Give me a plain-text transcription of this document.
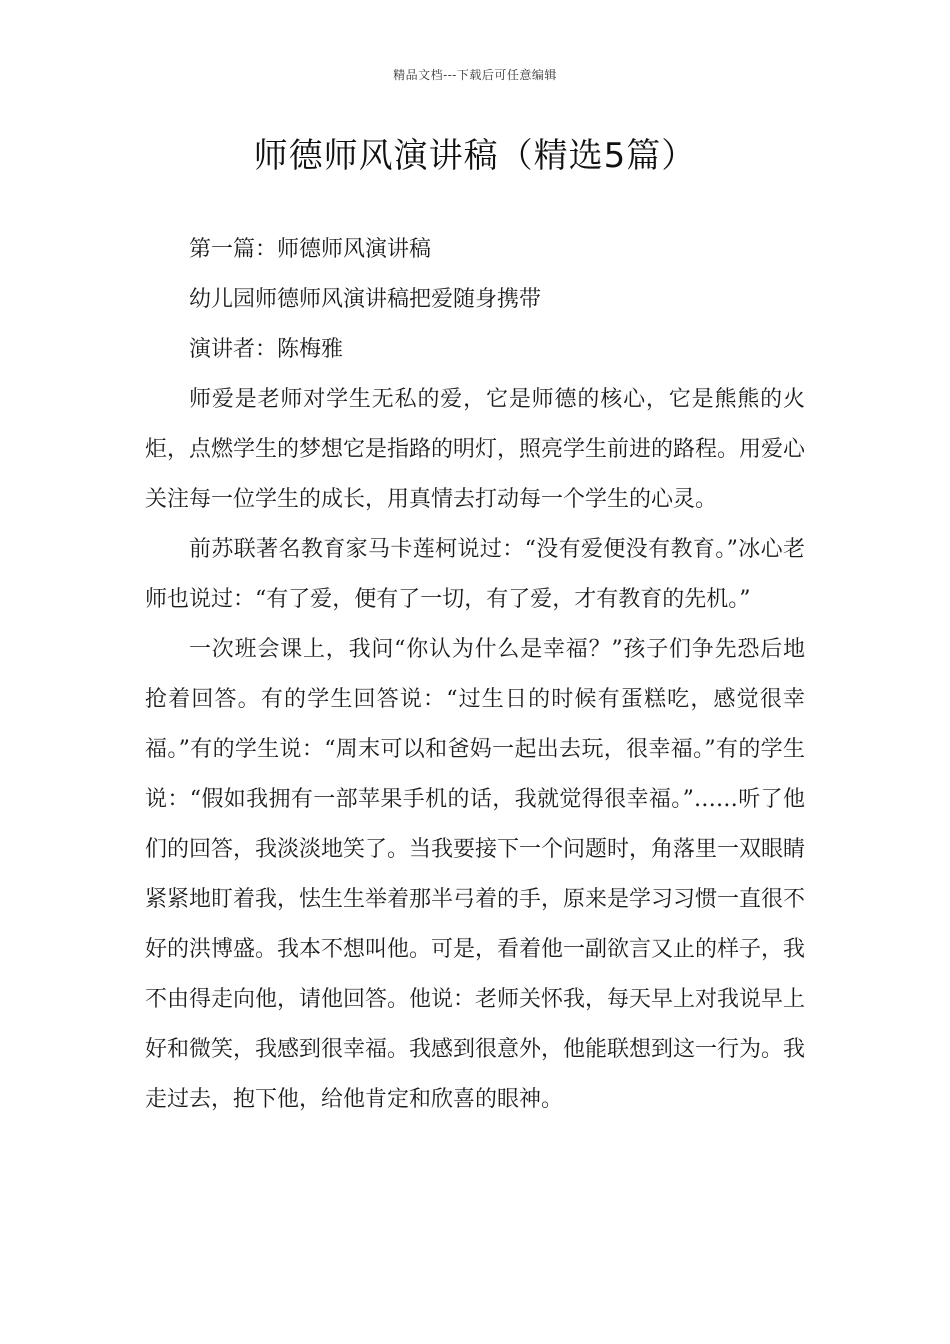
精品文档---下载后可任意编辑
师德师风演讲稿（精选5篇）

第一篇：师德师风演讲稿

幼儿园师德师风演讲稿把爱随身携带

演讲者：陈梅雅

师爱是老师对学生无私的爱，它是师德的核心，它是熊熊的火炬，点燃学生的梦想它是指路的明灯，照亮学生前进的路程。用爱心关注每一位学生的成长，用真情去打动每一个学生的心灵。

前苏联著名教育家马卡莲柯说过：“没有爱便没有教育。”冰心老师也说过：“有了爱，便有了一切，有了爱，才有教育的先机。”

一次班会课上，我问“你认为什么是幸福？”孩子们争先恐后地抢着回答。有的学生回答说：“过生日的时候有蛋糕吃，感觉很幸福。”有的学生说：“周末可以和爸妈一起出去玩，很幸福。”有的学生说：“假如我拥有一部苹果手机的话，我就觉得很幸福。”……听了他们的回答，我淡淡地笑了。当我要接下一个问题时，角落里一双眼睛紧紧地盯着我，怯生生举着那半弓着的手，原来是学习习惯一直很不好的洪博盛。我本不想叫他。可是，看着他一副欲言又止的样子，我不由得走向他，请他回答。他说：老师关怀我，每天早上对我说早上好和微笑，我感到很幸福。我感到很意外，他能联想到这一行为。我走过去，抱下他，给他肯定和欣喜的眼神。
